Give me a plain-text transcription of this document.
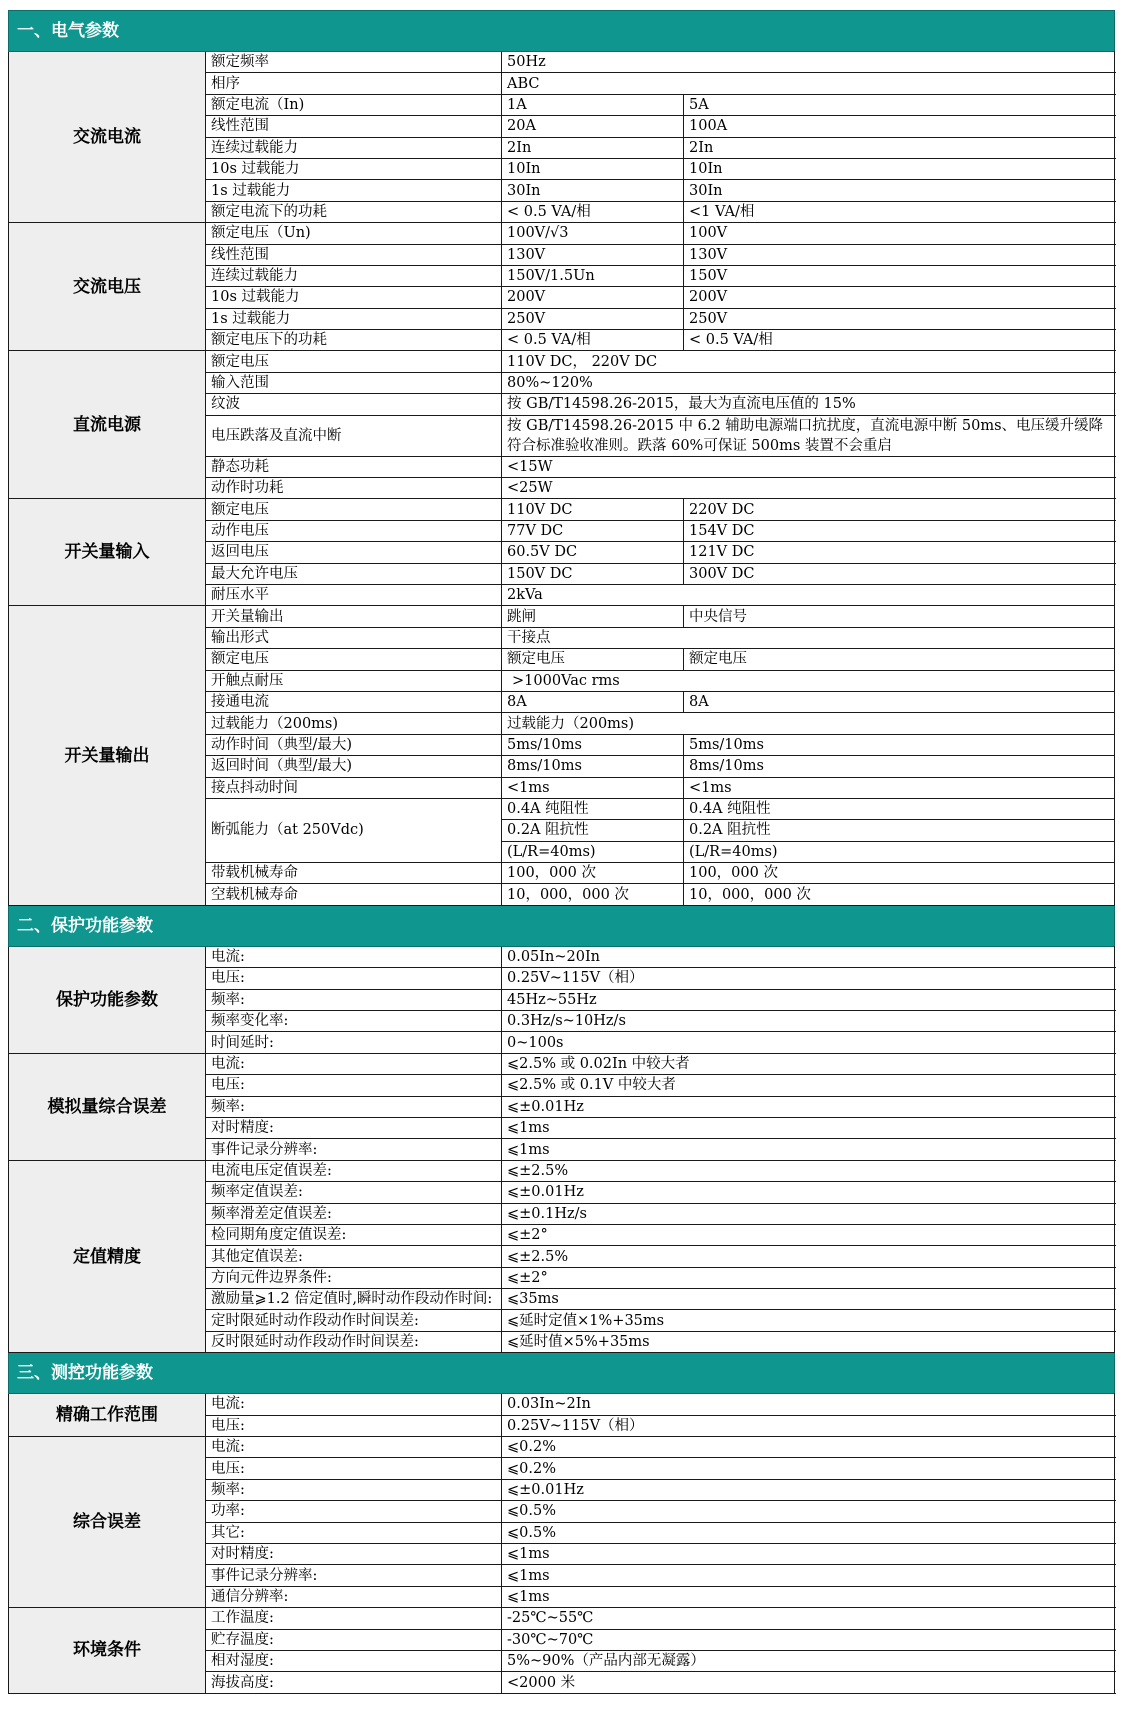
一、电气参数				
交流电流	额定频率	50Hz		
	相序	ABC		
	额定电流（In)	1A	5A	
	线性范围	20A	100A	
	连续过载能力	2In	2In	
	10s 过载能力	10In	10In	
	1s 过载能力	30In	30In	
	额定电流下的功耗	< 0.5 VA/相	<1 VA/相	
交流电压	额定电压（Un)	100V/√3	100V	
	线性范围	130V	130V	
	连续过载能力	150V/1.5Un	150V	
	10s 过载能力	200V	200V	
	1s 过载能力	250V	250V	
	额定电压下的功耗	< 0.5 VA/相	< 0.5 VA/相	
直流电源	额定电压	110V DC， 220V DC		
	输入范围	80%~120%		
	纹波	按 GB/T14598.26-2015，最大为直流电压值的 15%		
	电压跌落及直流中断	按 GB/T14598.26-2015 中 6.2 辅助电源端口抗扰度，直流电源中断 50ms、电压缓升缓降符合标准验收准则。跌落 60%可保证 500ms 装置不会重启		
	静态功耗	<15W		
	动作时功耗	<25W		
开关量输入	额定电压	110V DC	220V DC	
	动作电压	77V DC	154V DC	
	返回电压	60.5V DC	121V DC	
	最大允许电压	150V DC	300V DC	
	耐压水平	2kVa		
开关量输出	开关量输出	跳闸	中央信号	
	输出形式	干接点		
	额定电压	额定电压	额定电压	
	开触点耐压	>1000Vac rms		
	接通电流	8A	8A	
	过载能力（200ms)	过载能力（200ms)		
	动作时间（典型/最大)	5ms/10ms	5ms/10ms	
	返回时间（典型/最大)	8ms/10ms	8ms/10ms	
	接点抖动时间	<1ms	<1ms	
	断弧能力（at 250Vdc)	0.4A 纯阻性	0.4A 纯阻性	
		0.2A 阻抗性	0.2A 阻抗性	
		(L/R=40ms)	(L/R=40ms)	
	带载机械寿命	100，000 次	100，000 次	
	空载机械寿命	10，000，000 次	10，000，000 次	
二、保护功能参数				
保护功能参数	电流:	0.05In~20In		
	电压:	0.25V~115V（相）		
	频率:	45Hz~55Hz		
	频率变化率:	0.3Hz/s~10Hz/s		
	时间延时:	0~100s		
模拟量综合误差	电流:	⩽2.5% 或 0.02In 中较大者		
	电压:	⩽2.5% 或 0.1V 中较大者		
	频率:	⩽±0.01Hz		
	对时精度:	⩽1ms		
	事件记录分辨率:	⩽1ms		
定值精度	电流电压定值误差:	⩽±2.5%		
	频率定值误差:	⩽±0.01Hz		
	频率滑差定值误差:	⩽±0.1Hz/s		
	检同期角度定值误差:	⩽±2°		
	其他定值误差:	⩽±2.5%		
	方向元件边界条件:	⩽±2°		
	激励量⩾1.2 倍定值时,瞬时动作段动作时间:	⩽35ms		
	定时限延时动作段动作时间误差:	⩽延时定值×1%+35ms		
	反时限延时动作段动作时间误差:	⩽延时值×5%+35ms		
三、测控功能参数				
精确工作范围	电流:	0.03In~2In		
	电压:	0.25V~115V（相）		
综合误差	电流:	⩽0.2%		
	电压:	⩽0.2%		
	频率:	⩽±0.01Hz		
	功率:	⩽0.5%		
	其它:	⩽0.5%		
	对时精度:	⩽1ms		
	事件记录分辨率:	⩽1ms		
	通信分辨率:	⩽1ms		
环境条件	工作温度:	-25℃~55℃		
	贮存温度:	-30℃~70℃		
	相对湿度:	5%~90%（产品内部无凝露）		
	海拔高度:	<2000 米		
